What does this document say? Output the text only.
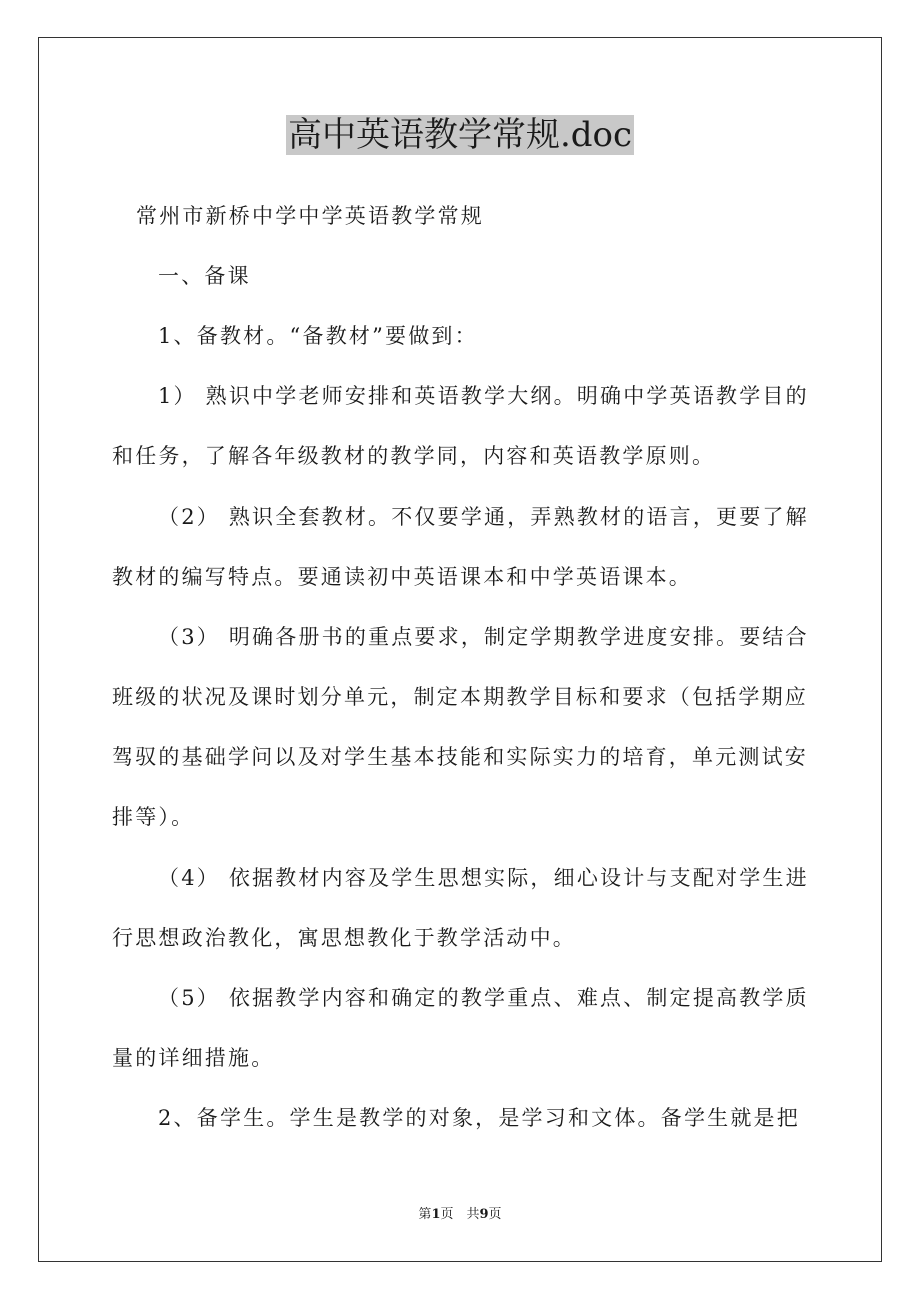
高中英语教学常规.doc
常州市新桥中学中学英语教学常规
一、备课
1、备教材。“备教材”要做到：
1） 熟识中学老师安排和英语教学大纲。明确中学英语教学目的
和任务，了解各年级教材的教学同，内容和英语教学原则。
（2） 熟识全套教材。不仅要学通，弄熟教材的语言，更要了解
教材的编写特点。要通读初中英语课本和中学英语课本。
（3） 明确各册书的重点要求，制定学期教学进度安排。要结合
班级的状况及课时划分单元，制定本期教学目标和要求（包括学期应
驾驭的基础学问以及对学生基本技能和实际实力的培育，单元测试安
排等）。
（4） 依据教材内容及学生思想实际，细心设计与支配对学生进
行思想政治教化，寓思想教化于教学活动中。
（5） 依据教学内容和确定的教学重点、难点、制定提高教学质
量的详细措施。
2、备学生。学生是教学的对象，是学习和文体。备学生就是把
第1页　共9页
